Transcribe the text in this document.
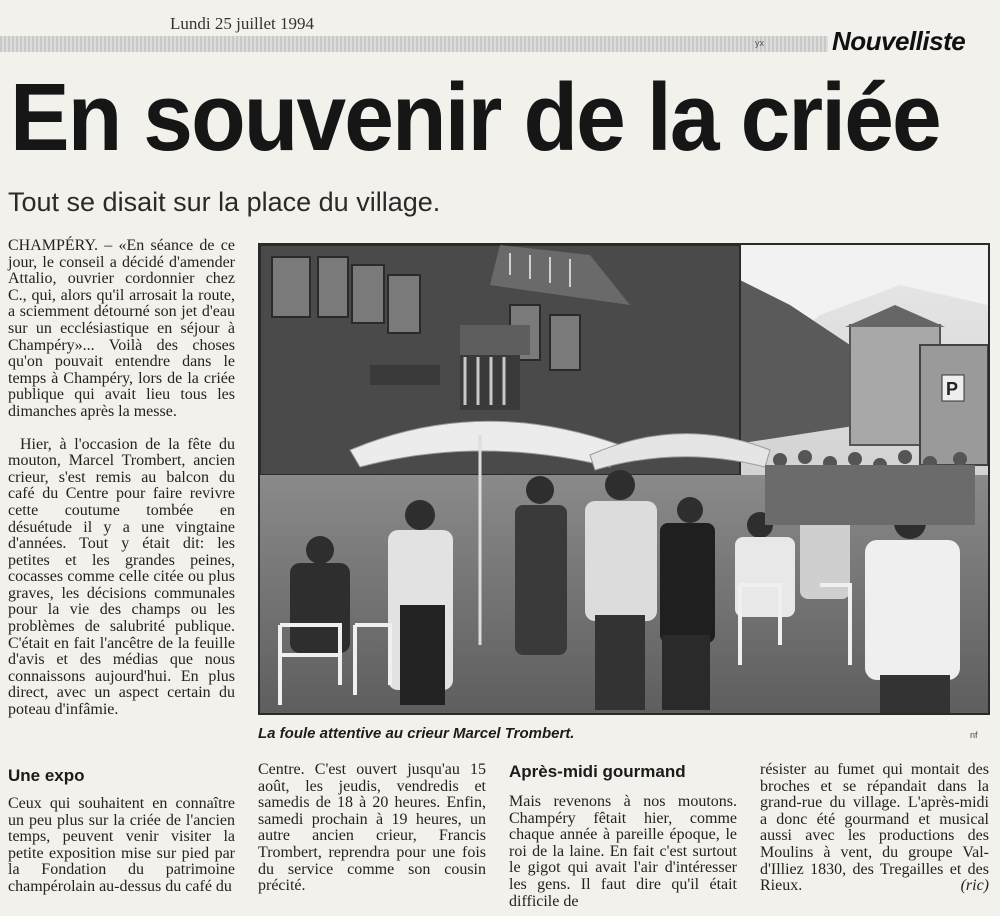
Lundi 25 juillet 1994
yx	Nouvelliste
En souvenir de la criée
Tout se disait sur la place du village.

CHAMPÉRY. – «En séance de ce jour, le conseil a décidé d'amender Attalio, ouvrier cordonnier chez C., qui, alors qu'il arrosait la route, a sciemment détourné son jet d'eau sur un ecclésiastique en séjour à Champéry»... Voilà des choses qu'on pouvait entendre dans le temps à Champéry, lors de la criée publique qui avait lieu tous les dimanches après la messe.

Hier, à l'occasion de la fête du mouton, Marcel Trombert, ancien crieur, s'est remis au balcon du café du Centre pour faire revivre cette coutume tombée en désuétude il y a une vingtaine d'années. Tout y était dit: les petites et les grandes peines, cocasses comme celle citée ou plus graves, les décisions communales pour la vie des champs ou les problèmes de salubrité publique. C'était en fait l'ancêtre de la feuille d'avis et des médias que nous connaissons aujourd'hui. En plus direct, avec un aspect certain du poteau d'infâmie.

Une expo

Ceux qui souhaitent en connaître un peu plus sur la criée de l'ancien temps, peuvent venir visiter la petite exposition mise sur pied par la Fondation du patrimoine champérolain au-dessus du café du

P
La foule attentive au crieur Marcel Trombert.	nf

Centre. C'est ouvert jusqu'au 15 août, les jeudis, vendredis et samedis de 18 à 20 heures. Enfin, samedi prochain à 19 heures, un autre ancien crieur, Francis Trombert, reprendra pour une fois du service comme son cousin précité.

Après-midi gourmand

Mais revenons à nos moutons. Champéry fêtait hier, comme chaque année à pareille époque, le roi de la laine. En fait c'est surtout le gigot qui avait l'air d'intéresser les gens. Il faut dire qu'il était difficile de

résister au fumet qui montait des broches et se répandait dans la grand-rue du village. L'après-midi a donc été gourmand et musical aussi avec les productions des Moulins à vent, du groupe Val-d'Illiez 1830, des Tregailles et des Rieux.	(ric)
